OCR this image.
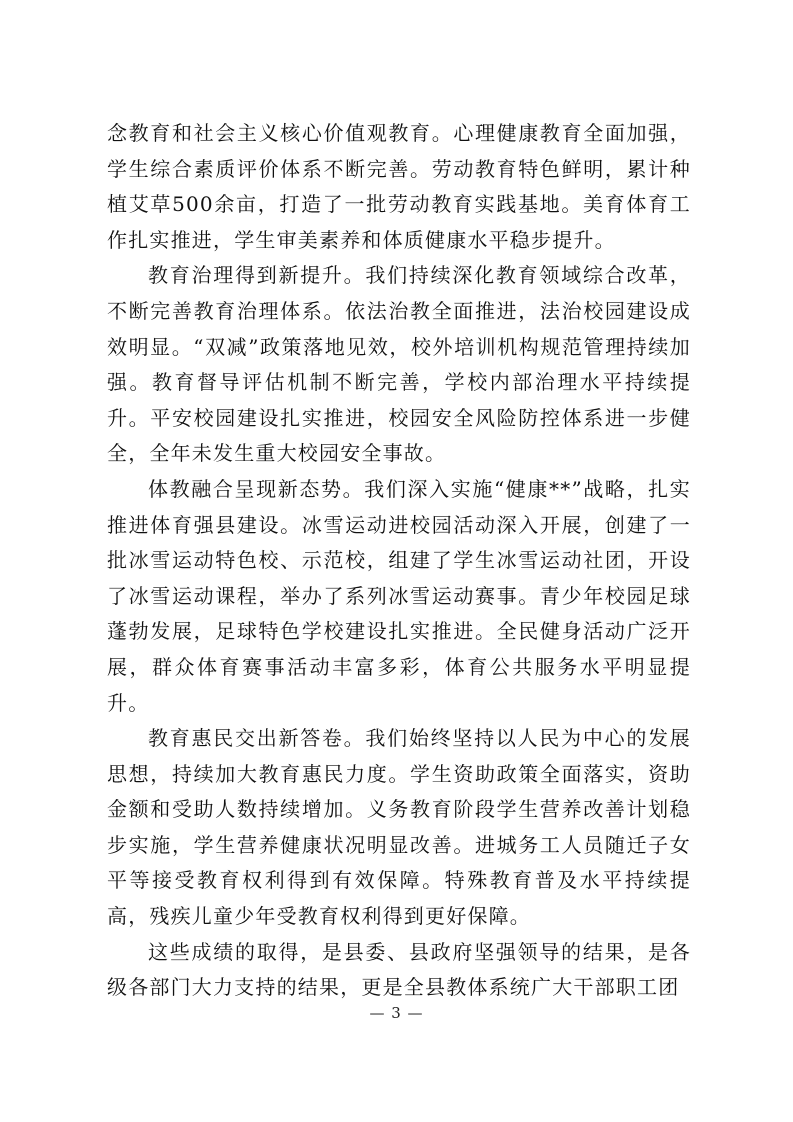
念教育和社会主义核心价值观教育。心理健康教育全面加强，学生综合素质评价体系不断完善。劳动教育特色鲜明，累计种植艾草500余亩，打造了一批劳动教育实践基地。美育体育工作扎实推进，学生审美素养和体质健康水平稳步提升。

教育治理得到新提升。我们持续深化教育领域综合改革，不断完善教育治理体系。依法治教全面推进，法治校园建设成效明显。“双减”政策落地见效，校外培训机构规范管理持续加强。教育督导评估机制不断完善，学校内部治理水平持续提升。平安校园建设扎实推进，校园安全风险防控体系进一步健全，全年未发生重大校园安全事故。

体教融合呈现新态势。我们深入实施“健康**”战略，扎实推进体育强县建设。冰雪运动进校园活动深入开展，创建了一批冰雪运动特色校、示范校，组建了学生冰雪运动社团，开设了冰雪运动课程，举办了系列冰雪运动赛事。青少年校园足球蓬勃发展，足球特色学校建设扎实推进。全民健身活动广泛开展，群众体育赛事活动丰富多彩，体育公共服务水平明显提升。

教育惠民交出新答卷。我们始终坚持以人民为中心的发展思想，持续加大教育惠民力度。学生资助政策全面落实，资助金额和受助人数持续增加。义务教育阶段学生营养改善计划稳步实施，学生营养健康状况明显改善。进城务工人员随迁子女平等接受教育权利得到有效保障。特殊教育普及水平持续提高，残疾儿童少年受教育权利得到更好保障。

这些成绩的取得，是县委、县政府坚强领导的结果，是各级各部门大力支持的结果，更是全县教体系统广大干部职工团

— 3 —
